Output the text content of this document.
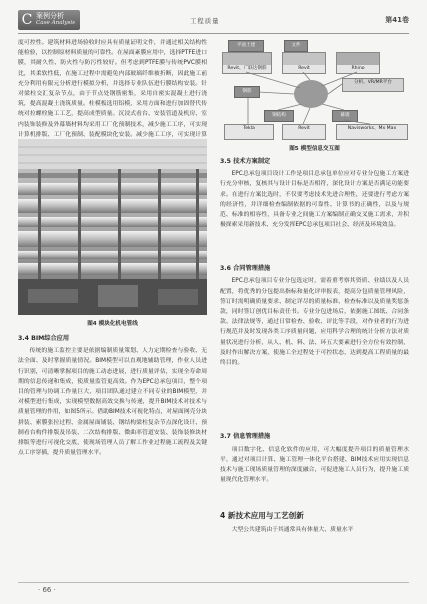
C 案例分析
Case Analysis	工程质量	第41卷

度可控性。建筑材料进场验收时应具有质量证明文件，并通过相关结构性能检验，以控制原材料质量的可靠性。在屋面紊膜应用中，选择PTFE进口膜，其耐久性、防火性与防污性较好。但考虑到PTFE膜与传统PVC膜相比，其柔软性低，在施工过程中需避免内部玻璃纤维被折断，因此施工前充分利用有限元分析进行模拟分析，并选择专业队伍进行膜结构安装。针对梁柱交汇复杂节点，由于节点处钢筋密集，采用自密实混凝土进行浇筑，提高混凝土浇筑质量。柱模板选用铝模，采用方面和进行加固替代传统对拉螺栓施工工艺，提高成型质量。沉浸式看台、安装管道及机房、室内装饰装修及外幕墙材料均采用工厂化预制技术，减少施工工序，可实现计算机排版、工厂化预制、装配模块化安装。减少施工工序，可实现计算

图4 模块化机电管线
3.4 BIM综合应用

传统的施工监控主要是依据编制质量策划、人力定期检查与验收、无法全面、及时掌握质量情况。BIM模型可以直观地辅助管理，作业人员进行识别，可清晰掌握项目的施工动态进展，进行质量评估，实现全寿命周期的信息传递和集成，使质量监管更高效。作为EPC总承包项目，整个项目的管理与协调工作量巨大，项目团队通过建立不同专业的BIM模型，并对模型进行集成，实现模型数据高效交换与传递，提升BIM技术对技术与质量管理的作用，如图5所示。借助BIM技术可视化特点，对屋面网壳分块拼装、索膜张拉过程、金属屋面铺装、钢结构梁柱复杂节点深化设计、预制看台构件排版及吊装、二次结构排版、微曲率管道安装、装饰装修块材排版等进行可视化交底，使现场管理人员了解工作业过程施工流程及关键点工序穿插，提升质量管理水平。

平面土建
Revit、广联达钢筋	Revit	Rhino
文件
钢筋
钢结构	幕墙
分析、VR/MR平台
Tekla	Revit	Navisworks、Mx Max
图5 模型信息交互图
3.5 技术方案制定

EPC总承包项目设计工作是项目总承包单位应对专业分包施工方案进行充分审核，复核其与设计目标是否相符，深化设计方案是否满足功能要求。在进行方案比选时，不仅要考虑技术先进合理性，还要进行考虑方案的经济性，并详细检查编制依据的可靠性、计算书的正确性，以及与规范、标准的相容性，具备专业之间施工方案编制正确交叉施工需求，并积极探索采用新技术、充分发挥EPC总承包项目社会、经济及环境效益。

3.6 合同管理措施

EPC总承包项目专业分包选定时，需着重考察其资质、业绩以及人员配置，将优秀的分包提出指标和量化评审报表，提高分包质量管理风险，签订时需明确质量要求、制定详尽的质量标准、检查标准以及质量奖惩条款，同时签订创优目标责任书。专业分包进场后，依据施工图纸、合同条款、法律法规等，通过日常检查、验收、评比等手段，对作业者的行为进行规范并及时发现各类工序质量问题，应用科学合理的统计分析方法对质量状况进行分析，从人、机、料、法、环五大要素进行全方位有效控制，及时作出解决方案，使施工全过程处于可控状态，达到提高工程质量的最终目的。

3.7 信息管理措施

项目数字化、信息化软件的应用，可大幅度提升项目的质量管理水平，通过对项目计算、施工管理一体化平台搭建、BIM技术应用实现信息技术与施工现场质量管理的深度融合，可促进施工人员行为，提升施工质量现代化管理水平。

4 新技术应用与工艺创新

大型公共建筑由于其通常具有体量大、质量水平

· 66 ·
